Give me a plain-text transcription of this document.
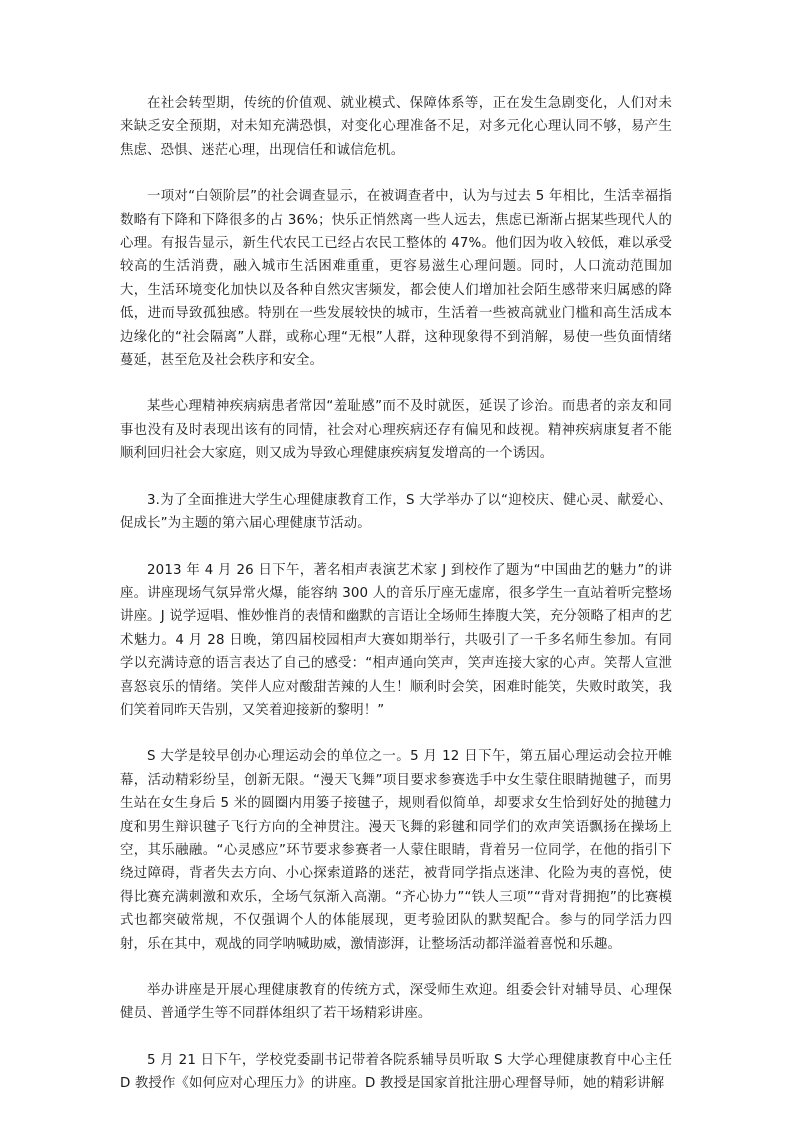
在社会转型期，传统的价值观、就业模式、保障体系等，正在发生急剧变化，人们对未来缺乏安全预期，对未知充满恐惧，对变化心理准备不足，对多元化心理认同不够，易产生焦虑、恐惧、迷茫心理，出现信任和诚信危机。

一项对“白领阶层”的社会调查显示，在被调查者中，认为与过去 5 年相比，生活幸福指数略有下降和下降很多的占 36%；快乐正悄然离一些人远去，焦虑已渐渐占据某些现代人的心理。有报告显示，新生代农民工已经占农民工整体的 47%。他们因为收入较低，难以承受较高的生活消费，融入城市生活困难重重，更容易滋生心理问题。同时，人口流动范围加大，生活环境变化加快以及各种自然灾害频发，都会使人们增加社会陌生感带来归属感的降低，进而导致孤独感。特别在一些发展较快的城市，生活着一些被高就业门槛和高生活成本边缘化的“社会隔离”人群，或称心理“无根”人群，这种现象得不到消解，易使一些负面情绪蔓延，甚至危及社会秩序和安全。

某些心理精神疾病病患者常因“羞耻感”而不及时就医，延误了诊治。而患者的亲友和同事也没有及时表现出该有的同情，社会对心理疾病还存有偏见和歧视。精神疾病康复者不能顺利回归社会大家庭，则又成为导致心理健康疾病复发增高的一个诱因。

3.为了全面推进大学生心理健康教育工作，S 大学举办了以“迎校庆、健心灵、献爱心、促成长”为主题的第六届心理健康节活动。

2013 年 4 月 26 日下午，著名相声表演艺术家 J 到校作了题为“中国曲艺的魅力”的讲座。讲座现场气氛异常火爆，能容纳 300 人的音乐厅座无虚席，很多学生一直站着听完整场讲座。J 说学逗唱、惟妙惟肖的表情和幽默的言语让全场师生捧腹大笑，充分领略了相声的艺术魅力。4 月 28 日晚，第四届校园相声大赛如期举行，共吸引了一千多名师生参加。有同学以充满诗意的语言表达了自己的感受：“相声通向笑声，笑声连接大家的心声。笑帮人宣泄喜怒哀乐的情绪。笑伴人应对酸甜苦辣的人生！顺利时会笑，困难时能笑，失败时敢笑，我们笑着同昨天告别，又笑着迎接新的黎明！”

S 大学是较早创办心理运动会的单位之一。5 月 12 日下午，第五届心理运动会拉开帷幕，活动精彩纷呈，创新无限。“漫天飞舞”项目要求参赛选手中女生蒙住眼睛抛毽子，而男生站在女生身后 5 米的圆圈内用篓子接毽子，规则看似简单，却要求女生恰到好处的抛毽力度和男生辩识毽子飞行方向的全神贯注。漫天飞舞的彩毽和同学们的欢声笑语飘扬在操场上空，其乐融融。“心灵感应”环节要求参赛者一人蒙住眼睛，背着另一位同学，在他的指引下绕过障碍，背者失去方向、小心探索道路的迷茫，被背同学指点迷津、化险为夷的喜悦，使得比赛充满刺激和欢乐，全场气氛渐入高潮。“齐心协力”“铁人三项”“背对背拥抱”的比赛模式也都突破常规，不仅强调个人的体能展现，更考验团队的默契配合。参与的同学活力四射，乐在其中，观战的同学呐喊助威，激情澎湃，让整场活动都洋溢着喜悦和乐趣。

举办讲座是开展心理健康教育的传统方式，深受师生欢迎。组委会针对辅导员、心理保健员、普通学生等不同群体组织了若干场精彩讲座。

5 月 21 日下午，学校党委副书记带着各院系辅导员听取 S 大学心理健康教育中心主任 D 教授作《如何应对心理压力》的讲座。D 教授是国家首批注册心理督导师，她的精彩讲解
